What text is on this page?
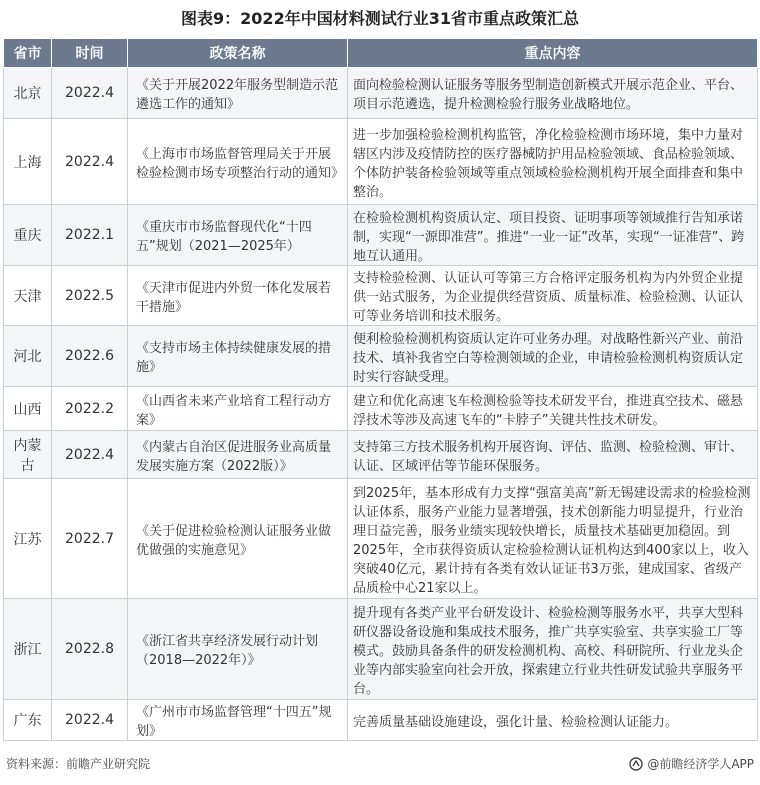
图表9：2022年中国材料测试行业31省市重点政策汇总
省市	时间	政策名称	重点内容
北京	2022.4	《关于开展2022年服务型制造示范遴选工作的通知》	面向检验检测认证服务等服务型制造创新模式开展示范企业、平台、项目示范遴选，提升检测检验行服务业战略地位。
上海	2022.4	《上海市市场监督管理局关于开展检验检测市场专项整治行动的通知》	进一步加强检验检测机构监管，净化检验检测市场环境，集中力量对辖区内涉及疫情防控的医疗器械防护用品检验领域、食品检验领域、个体防护装备检验领域等重点领域检验检测机构开展全面排查和集中整治。
重庆	2022.1	《重庆市市场监督现代化“十四五”规划（2021—2025年）	在检验检测机构资质认定、项目投资、证明事项等领域推行告知承诺制，实现“一源即准营”。推进“一业一证”改革，实现“一证准营”、跨地互认通用。
天津	2022.5	《天津市促进内外贸一体化发展若干措施》	支持检验检测、认证认可等第三方合格评定服务机构为内外贸企业提供一站式服务，为企业提供经营资质、质量标准、检验检测、认证认可等业务培训和技术服务。
河北	2022.6	《支持市场主体持续健康发展的措施》	便利检验检测机构资质认定许可业务办理。对战略性新兴产业、前沿技术、填补我省空白等检测领域的企业，申请检验检测机构资质认定时实行容缺受理。
山西	2022.2	《山西省未来产业培育工程行动方案》	建立和优化高速飞车检测检验等技术研发平台，推进真空技术、磁悬浮技术等涉及高速飞车的“卡脖子”关键共性技术研发。
内蒙古	2022.4	《内蒙古自治区促进服务业高质量发展实施方案（2022版）》	支持第三方技术服务机构开展咨询、评估、监测、检验检测、审计、认证、区域评估等节能环保服务。
江苏	2022.7	《关于促进检验检测认证服务业做优做强的实施意见》	到2025年，基本形成有力支撑“强富美高”新无锡建设需求的检验检测认证体系，服务产业能力显著增强，技术创新能力明显提升，行业治理日益完善，服务业绩实现较快增长，质量技术基础更加稳固。到2025年，全市获得资质认定检验检测认证机构达到400家以上，收入突破40亿元，累计持有各类有效认证证书3万张，建成国家、省级产品质检中心21家以上。
浙江	2022.8	《浙江省共享经济发展行动计划（2018—2022年）》	提升现有各类产业平台研发设计、检验检测等服务水平，共享大型科研仪器设备设施和集成技术服务，推广共享实验室、共享实验工厂等模式。鼓励具备条件的研发检测机构、高校、科研院所、行业龙头企业等内部实验室向社会开放，探索建立行业共性研发试验共享服务平台。
广东	2022.4	《广州市市场监督管理“十四五”规划》	完善质量基础设施建设，强化计量、检验检测认证能力。
资料来源：前瞻产业研究院	@前瞻经济学人APP
